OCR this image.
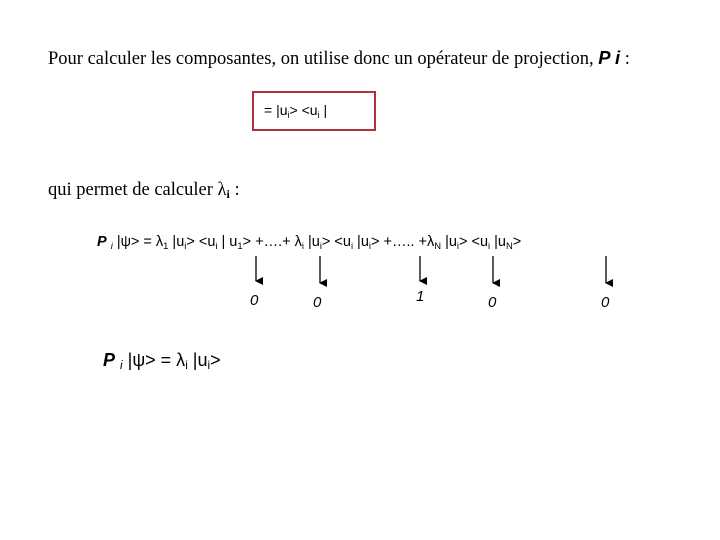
Pour calculer les composantes, on utilise donc un opérateur de projection, P i :
= $|u_i> <u_i$ |
qui permet de calculer $\lambda_i$ :
P $_i$ $|\psi> = \lambda_1$ $|u_i> <u_i$ | $u_1>$ +….+ $\lambda_i$ $|u_i> <u_i$ $|u_i>$ +….. $+\lambda_N$ $|u_i> <u_i$ $|u_N>$
0	0	1	0	0
P $_i$ $|\psi> = \lambda_i$ $|u_i>$
